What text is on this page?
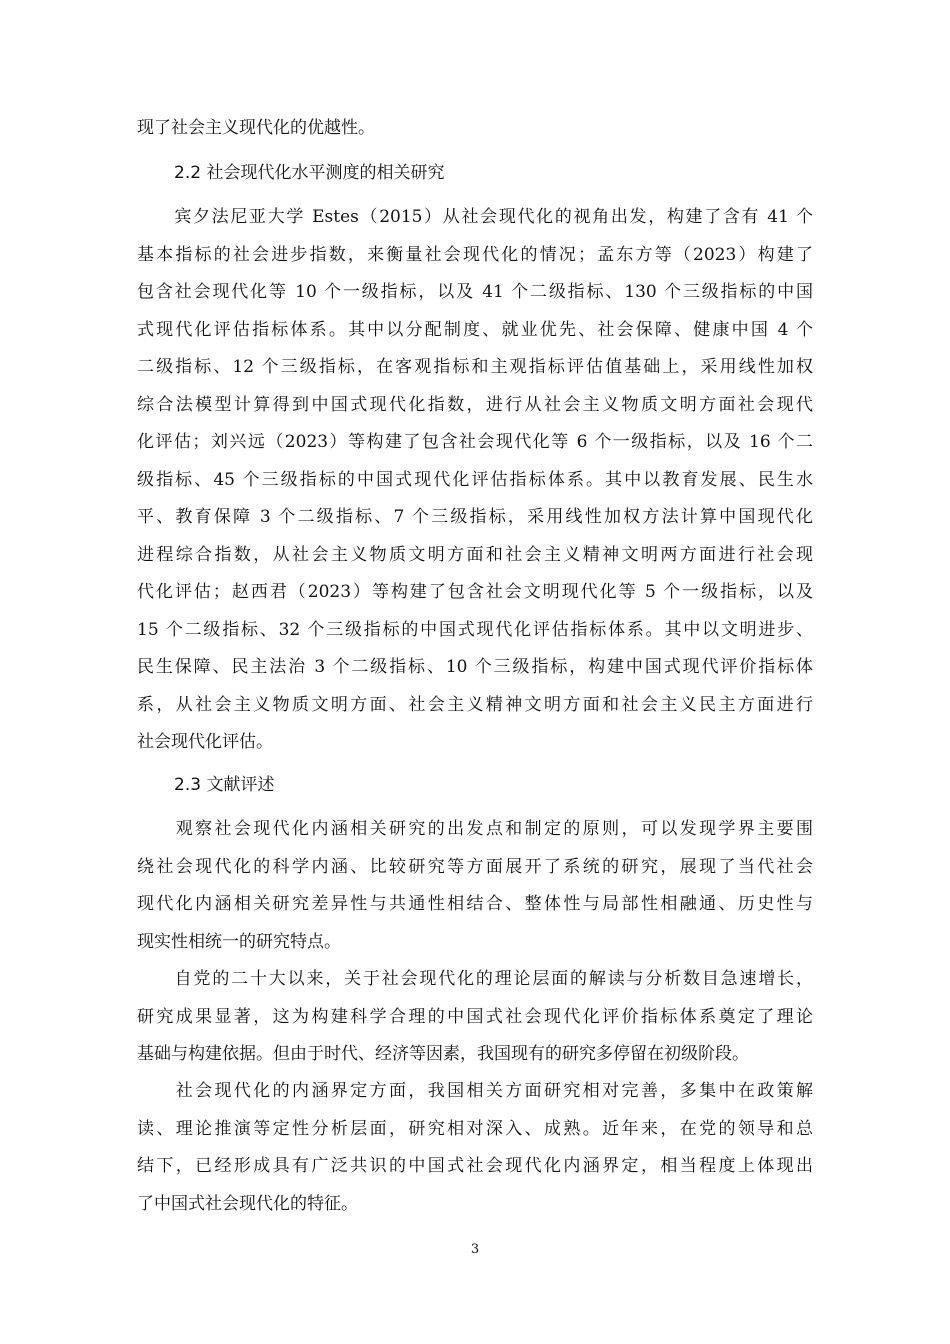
现了社会主义现代化的优越性。
2.2 社会现代化水平测度的相关研究
　　宾夕法尼亚大学 Estes（2015）从社会现代化的视角出发，构建了含有 41 个
基本指标的社会进步指数，来衡量社会现代化的情况；孟东方等（2023）构建了
包含社会现代化等 10 个一级指标，以及 41 个二级指标、130 个三级指标的中国
式现代化评估指标体系。其中以分配制度、就业优先、社会保障、健康中国 4 个
二级指标、12 个三级指标，在客观指标和主观指标评估值基础上，采用线性加权
综合法模型计算得到中国式现代化指数，进行从社会主义物质文明方面社会现代
化评估；刘兴远（2023）等构建了包含社会现代化等 6 个一级指标，以及 16 个二
级指标、45 个三级指标的中国式现代化评估指标体系。其中以教育发展、民生水
平、教育保障 3 个二级指标、7 个三级指标，采用线性加权方法计算中国现代化
进程综合指数，从社会主义物质文明方面和社会主义精神文明两方面进行社会现
代化评估；赵西君（2023）等构建了包含社会文明现代化等 5 个一级指标，以及
15 个二级指标、32 个三级指标的中国式现代化评估指标体系。其中以文明进步、
民生保障、民主法治 3 个二级指标、10 个三级指标，构建中国式现代评价指标体
系，从社会主义物质文明方面、社会主义精神文明方面和社会主义民主方面进行
社会现代化评估。
2.3 文献评述
　　观察社会现代化内涵相关研究的出发点和制定的原则，可以发现学界主要围
绕社会现代化的科学内涵、比较研究等方面展开了系统的研究，展现了当代社会
现代化内涵相关研究差异性与共通性相结合、整体性与局部性相融通、历史性与
现实性相统一的研究特点。
　　自党的二十大以来，关于社会现代化的理论层面的解读与分析数目急速增长，
研究成果显著，这为构建科学合理的中国式社会现代化评价指标体系奠定了理论
基础与构建依据。但由于时代、经济等因素，我国现有的研究多停留在初级阶段。
　　社会现代化的内涵界定方面，我国相关方面研究相对完善，多集中在政策解
读、理论推演等定性分析层面，研究相对深入、成熟。近年来，在党的领导和总
结下，已经形成具有广泛共识的中国式社会现代化内涵界定，相当程度上体现出
了中国式社会现代化的特征。
3
